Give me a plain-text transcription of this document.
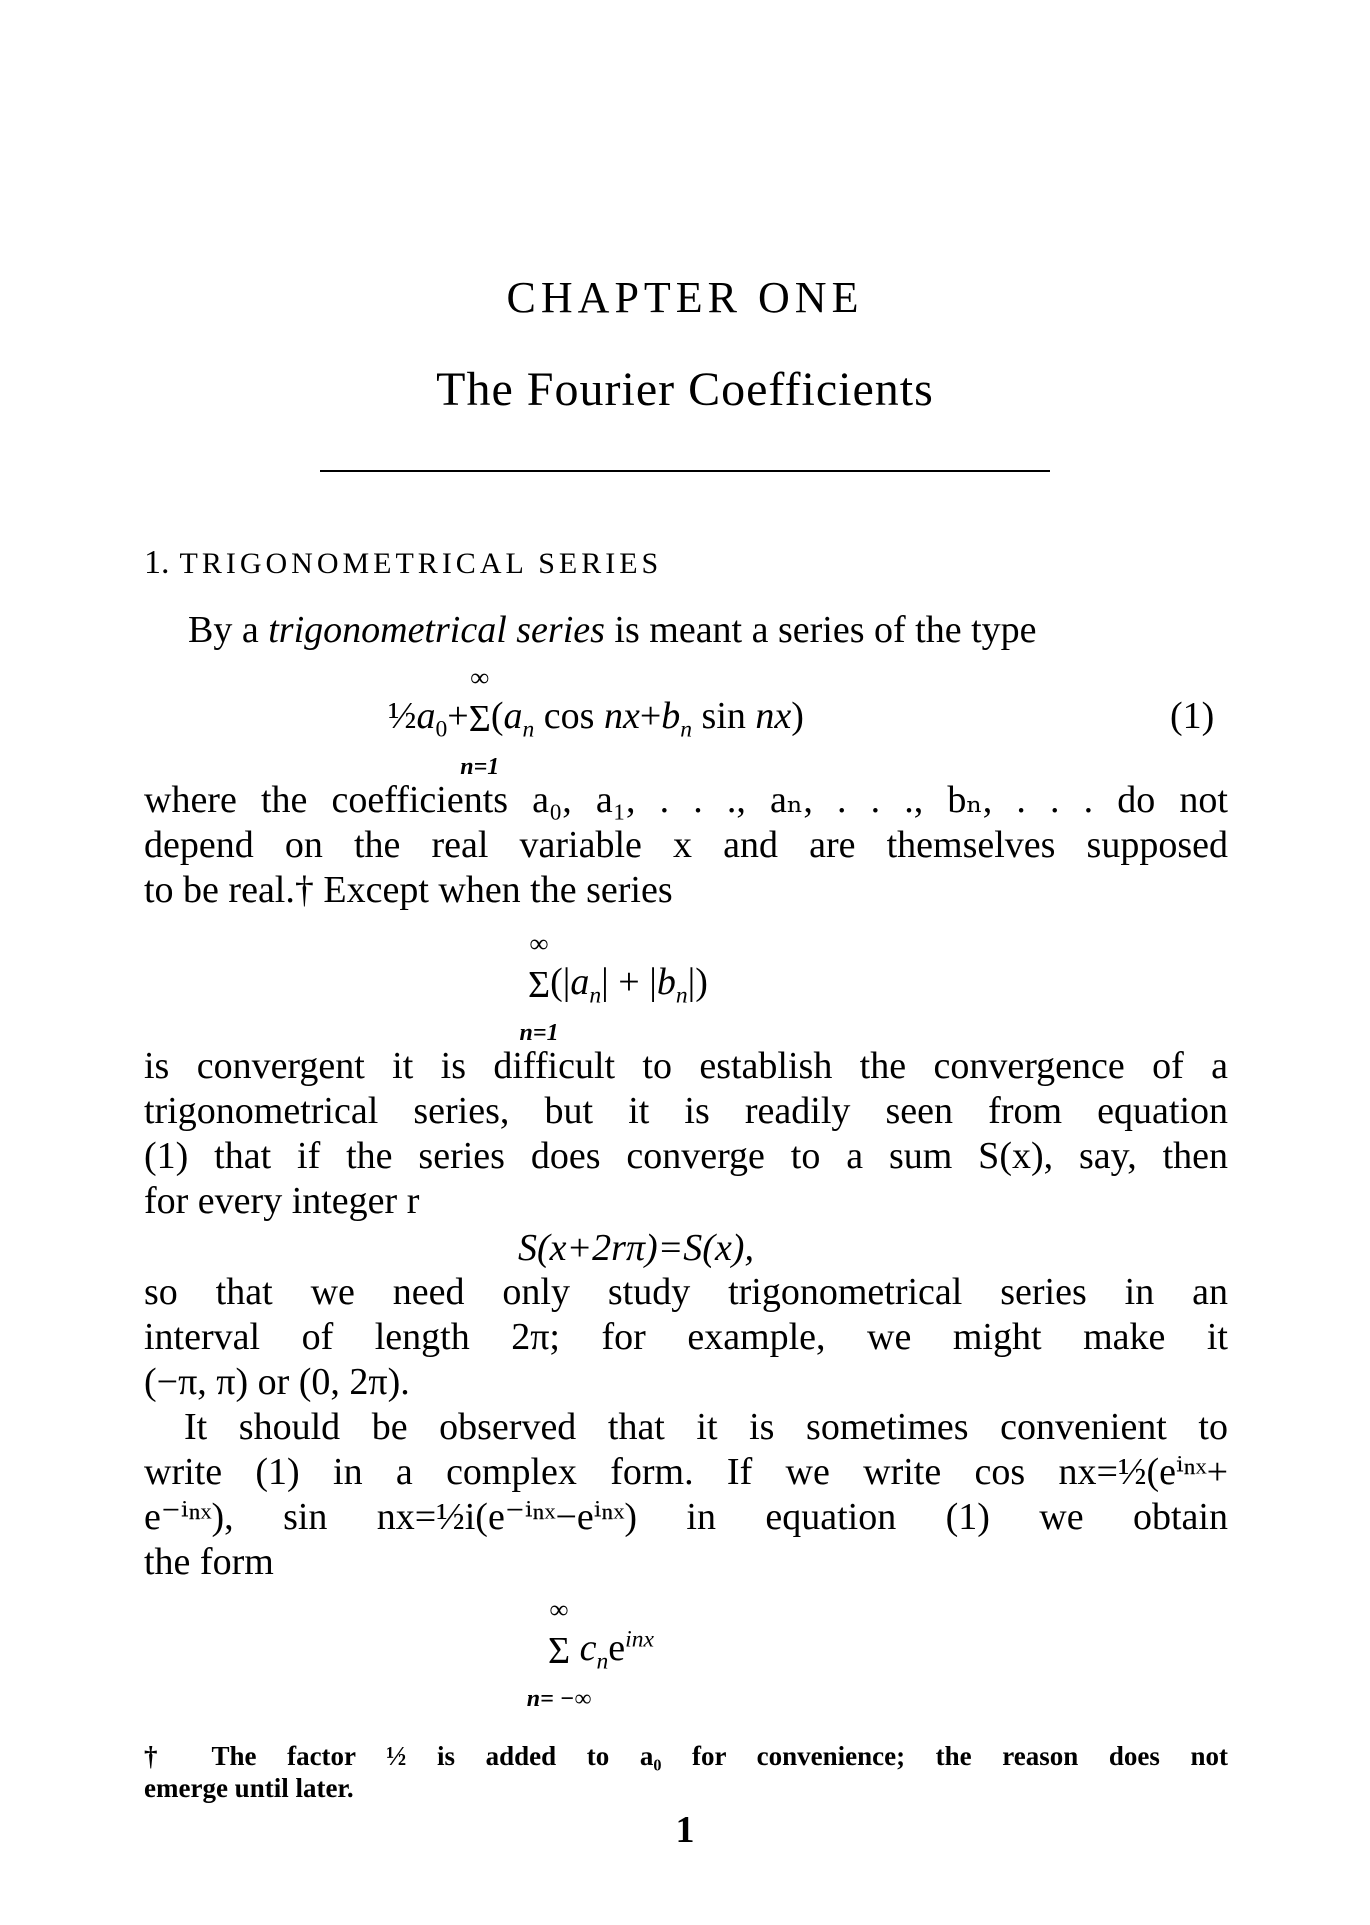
CHAPTER ONE
The Fourier Coefficients
1. TRIGONOMETRICAL SERIES
By a trigonometrical series is meant a series of the type
$\frac{1}{2}a_0+\Sigma$
∞
n=1
($a_n$ $\cos nx+b_n$ sin nx)	(1)
where the coefficients a₀, a₁, . . ., aₙ, . . ., bₙ, . . . do not
depend on the real variable x and are themselves supposed
to be real.† Except when the series
Σ
∞
n=1
$(|a_n| + |b_n|)$
is convergent it is difficult to establish the convergence of a
trigonometrical series, but it is readily seen from equation
(1) that if the series does converge to a sum S(x), say, then
for every integer r
S(x+2rπ)=S(x),
so that we need only study trigonometrical series in an
interval of length 2π; for example, we might make it
(−π, π) or (0, 2π).
It should be observed that it is sometimes convenient to
write (1) in a complex form. If we write cos nx=½(eⁱⁿˣ+
e⁻ⁱⁿˣ), sin nx=½i(e⁻ⁱⁿˣ−eⁱⁿˣ) in equation (1) we obtain
the form
Σ
∞
n= −∞
$c_ne^{inx}$
† The factor ½ is added to a₀ for convenience; the reason does not
emerge until later.
1
